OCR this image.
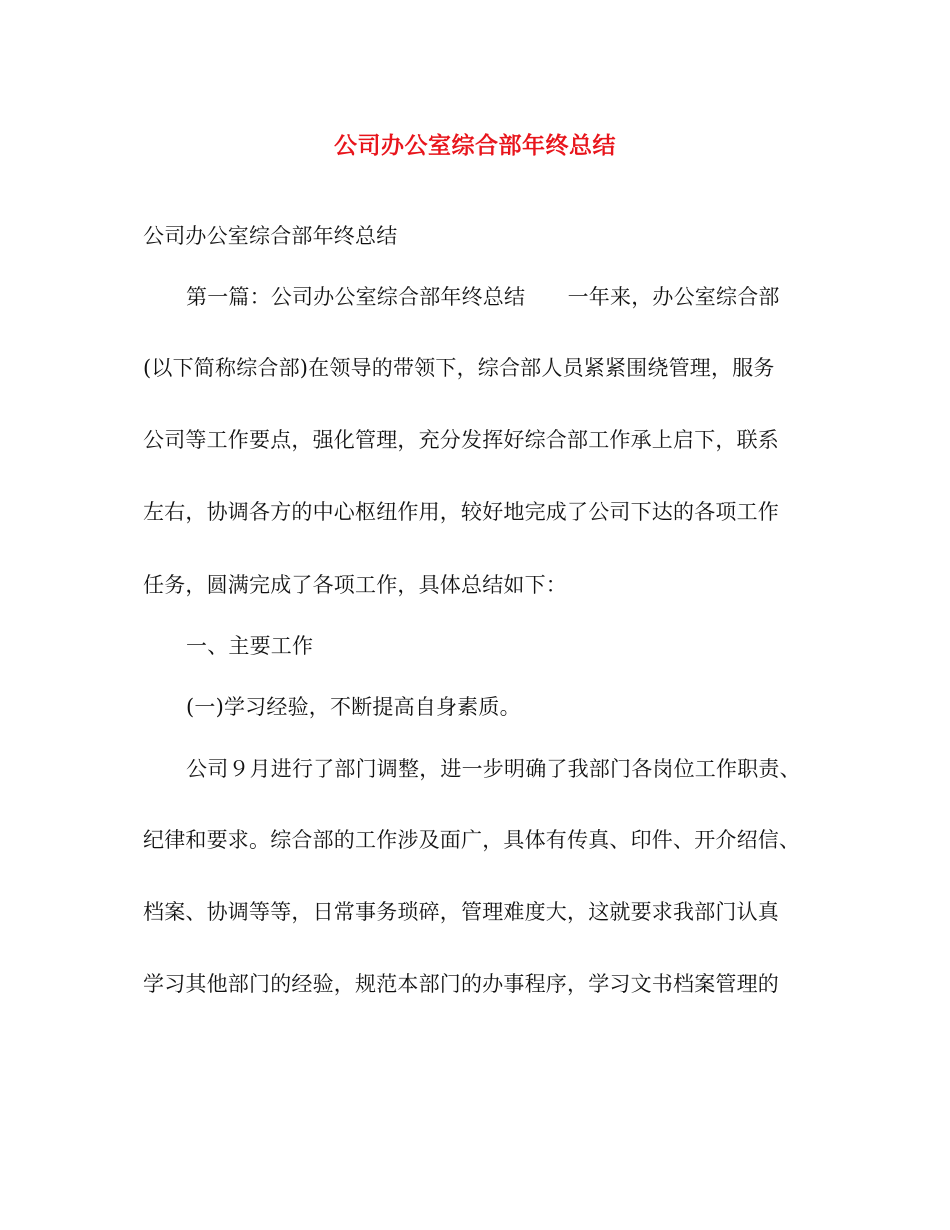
公司办公室综合部年终总结
公司办公室综合部年终总结
第一篇：公司办公室综合部年终总结　　一年来，办公室综合部
(以下简称综合部)在领导的带领下，综合部人员紧紧围绕管理，服务
公司等工作要点，强化管理，充分发挥好综合部工作承上启下，联系
左右，协调各方的中心枢纽作用，较好地完成了公司下达的各项工作
任务，圆满完成了各项工作，具体总结如下：
一、主要工作
(一)学习经验，不断提高自身素质。
公司９月进行了部门调整，进一步明确了我部门各岗位工作职责、
纪律和要求。综合部的工作涉及面广，具体有传真、印件、开介绍信、
档案、协调等等，日常事务琐碎，管理难度大，这就要求我部门认真
学习其他部门的经验，规范本部门的办事程序，学习文书档案管理的
